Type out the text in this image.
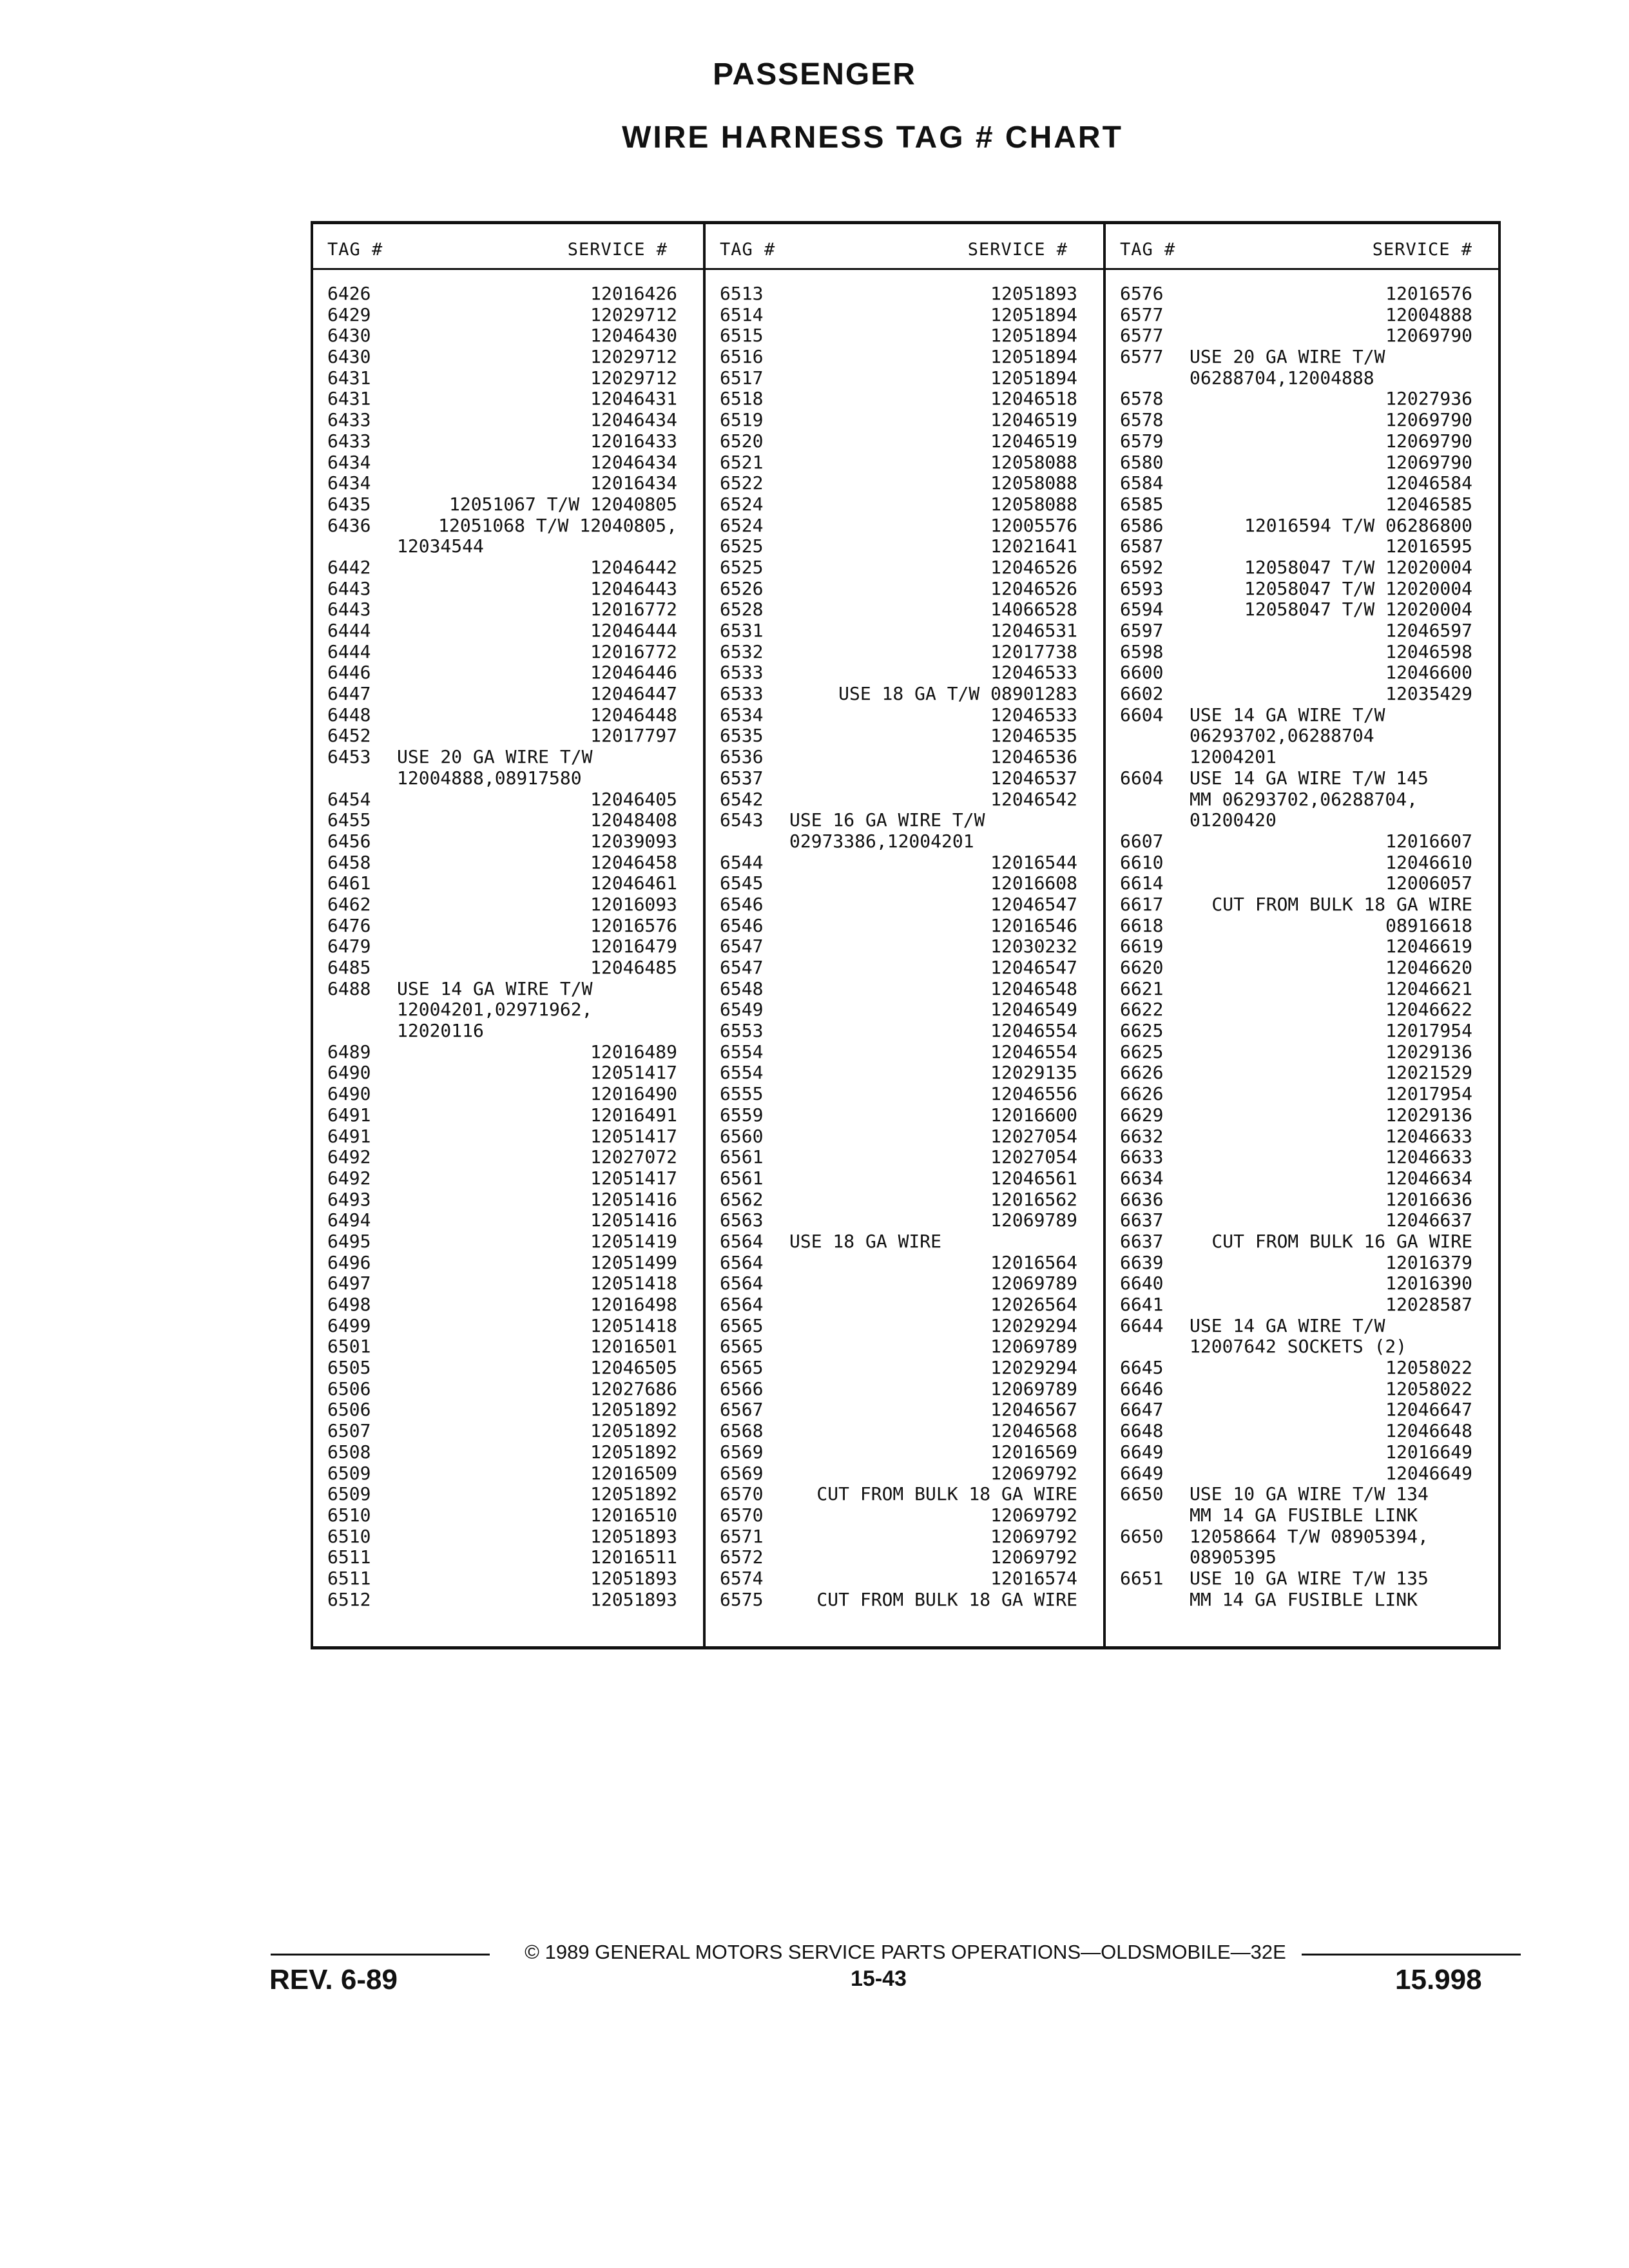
PASSENGER
WIRE HARNESS TAG # CHART
TAG #	SERVICE #
6426	12016426
6429	12029712
6430	12046430
6430	12029712
6431	12029712
6431	12046431
6433	12046434
6433	12016433
6434	12046434
6434	12016434
6435	12051067 T/W 12040805
6436	12051068 T/W 12040805,
12034544
6442	12046442
6443	12046443
6443	12016772
6444	12046444
6444	12016772
6446	12046446
6447	12046447
6448	12046448
6452	12017797
6453 USE 20 GA WIRE T/W
12004888,08917580
6454	12046405
6455	12048408
6456	12039093
6458	12046458
6461	12046461
6462	12016093
6476	12016576
6479	12016479
6485	12046485
6488 USE 14 GA WIRE T/W
12004201,02971962,
12020116
6489	12016489
6490	12051417
6490	12016490
6491	12016491
6491	12051417
6492	12027072
6492	12051417
6493	12051416
6494	12051416
6495	12051419
6496	12051499
6497	12051418
6498	12016498
6499	12051418
6501	12016501
6505	12046505
6506	12027686
6506	12051892
6507	12051892
6508	12051892
6509	12016509
6509	12051892
6510	12016510
6510	12051893
6511	12016511
6511	12051893
6512	12051893
TAG #	SERVICE #
6513	12051893
6514	12051894
6515	12051894
6516	12051894
6517	12051894
6518	12046518
6519	12046519
6520	12046519
6521	12058088
6522	12058088
6524	12058088
6524	12005576
6525	12021641
6525	12046526
6526	12046526
6528	14066528
6531	12046531
6532	12017738
6533	12046533
6533	USE 18 GA T/W 08901283
6534	12046533
6535	12046535
6536	12046536
6537	12046537
6542	12046542
6543 USE 16 GA WIRE T/W
02973386,12004201
6544	12016544
6545	12016608
6546	12046547
6546	12016546
6547	12030232
6547	12046547
6548	12046548
6549	12046549
6553	12046554
6554	12046554
6554	12029135
6555	12046556
6559	12016600
6560	12027054
6561	12027054
6561	12046561
6562	12016562
6563	12069789
6564 USE 18 GA WIRE
6564	12016564
6564	12069789
6564	12026564
6565	12029294
6565	12069789
6565	12029294
6566	12069789
6567	12046567
6568	12046568
6569	12016569
6569	12069792
6570	CUT FROM BULK 18 GA WIRE
6570	12069792
6571	12069792
6572	12069792
6574	12016574
6575	CUT FROM BULK 18 GA WIRE
TAG #	SERVICE #
6576	12016576
6577	12004888
6577	12069790
6577 USE 20 GA WIRE T/W
06288704,12004888
6578	12027936
6578	12069790
6579	12069790
6580	12069790
6584	12046584
6585	12046585
6586	12016594 T/W 06286800
6587	12016595
6592	12058047 T/W 12020004
6593	12058047 T/W 12020004
6594	12058047 T/W 12020004
6597	12046597
6598	12046598
6600	12046600
6602	12035429
6604 USE 14 GA WIRE T/W
06293702,06288704
12004201
6604 USE 14 GA WIRE T/W 145
MM 06293702,06288704,
01200420
6607	12016607
6610	12046610
6614	12006057
6617	CUT FROM BULK 18 GA WIRE
6618	08916618
6619	12046619
6620	12046620
6621	12046621
6622	12046622
6625	12017954
6625	12029136
6626	12021529
6626	12017954
6629	12029136
6632	12046633
6633	12046633
6634	12046634
6636	12016636
6637	12046637
6637	CUT FROM BULK 16 GA WIRE
6639	12016379
6640	12016390
6641	12028587
6644 USE 14 GA WIRE T/W
12007642 SOCKETS (2)
6645	12058022
6646	12058022
6647	12046647
6648	12046648
6649	12016649
6649	12046649
6650 USE 10 GA WIRE T/W 134
MM 14 GA FUSIBLE LINK
6650 12058664 T/W 08905394,
08905395
6651 USE 10 GA WIRE T/W 135
MM 14 GA FUSIBLE LINK
© 1989 GENERAL MOTORS SERVICE PARTS OPERATIONS—OLDSMOBILE—32E
REV. 6-89	15-43	15.998
